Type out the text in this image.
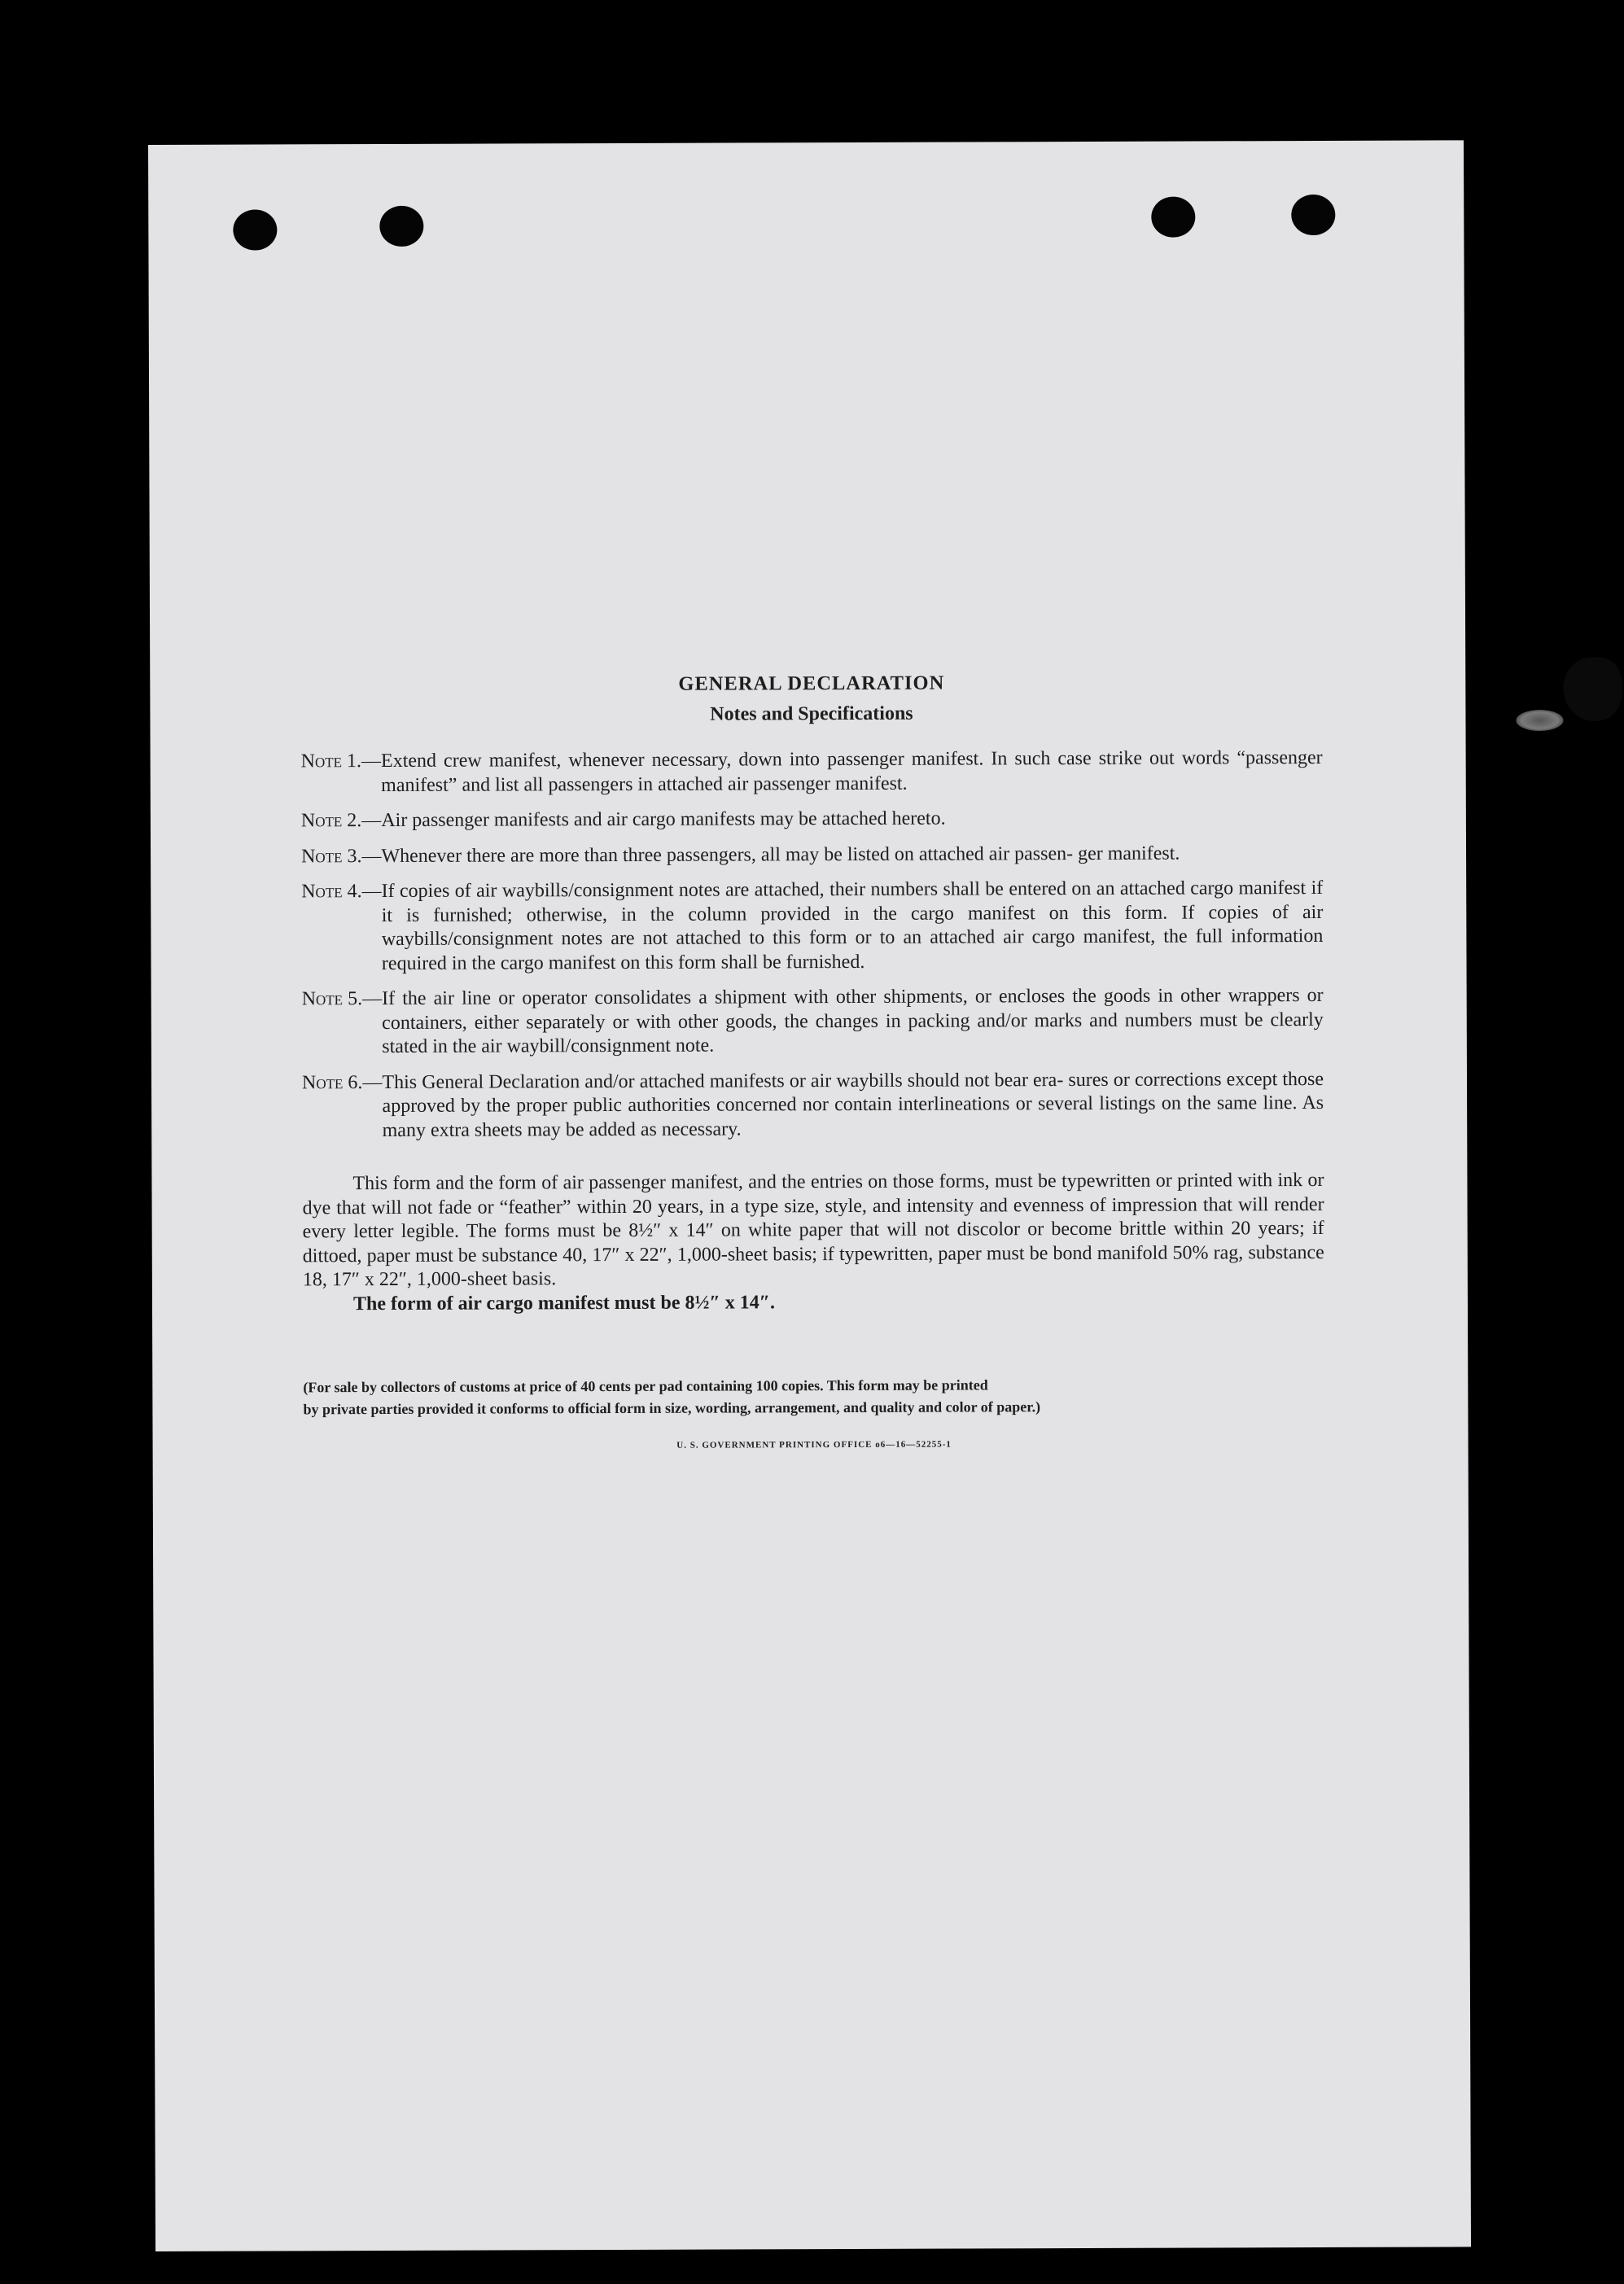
GENERAL DECLARATION
Notes and Specifications
Note 1.— Extend crew manifest, whenever necessary, down into passenger manifest. In such case strike out words “passenger manifest” and list all passengers in attached air passenger manifest.
Note 2.— Air passenger manifests and air cargo manifests may be attached hereto.
Note 3.— Whenever there are more than three passengers, all may be listed on attached air passen- ger manifest.
Note 4.— If copies of air waybills/consignment notes are attached, their numbers shall be entered on an attached cargo manifest if it is furnished; otherwise, in the column provided in the cargo manifest on this form. If copies of air waybills/consignment notes are not attached to this form or to an attached air cargo manifest, the full information required in the cargo manifest on this form shall be furnished.
Note 5.— If the air line or operator consolidates a shipment with other shipments, or encloses the goods in other wrappers or containers, either separately or with other goods, the changes in packing and/or marks and numbers must be clearly stated in the air waybill/consignment note.
Note 6.— This General Declaration and/or attached manifests or air waybills should not bear era- sures or corrections except those approved by the proper public authorities concerned nor contain interlineations or several listings on the same line. As many extra sheets may be added as necessary.

This form and the form of air passenger manifest, and the entries on those forms, must be typewritten or printed with ink or dye that will not fade or “feather” within 20 years, in a type size, style, and intensity and evenness of impression that will render every letter legible. The forms must be 8½″ x 14″ on white paper that will not discolor or become brittle within 20 years; if dittoed, paper must be substance 40, 17″ x 22″, 1,000-sheet basis; if typewritten, paper must be bond manifold 50% rag, substance 18, 17″ x 22″, 1,000-sheet basis.

The form of air cargo manifest must be 8½″ x 14″.

(For sale by collectors of customs at price of 40 cents per pad containing 100 copies. This form may be printed
by private parties provided it conforms to official form in size, wording, arrangement, and quality and color of paper.)
U. S. GOVERNMENT PRINTING OFFICE o6—16—52255-1
